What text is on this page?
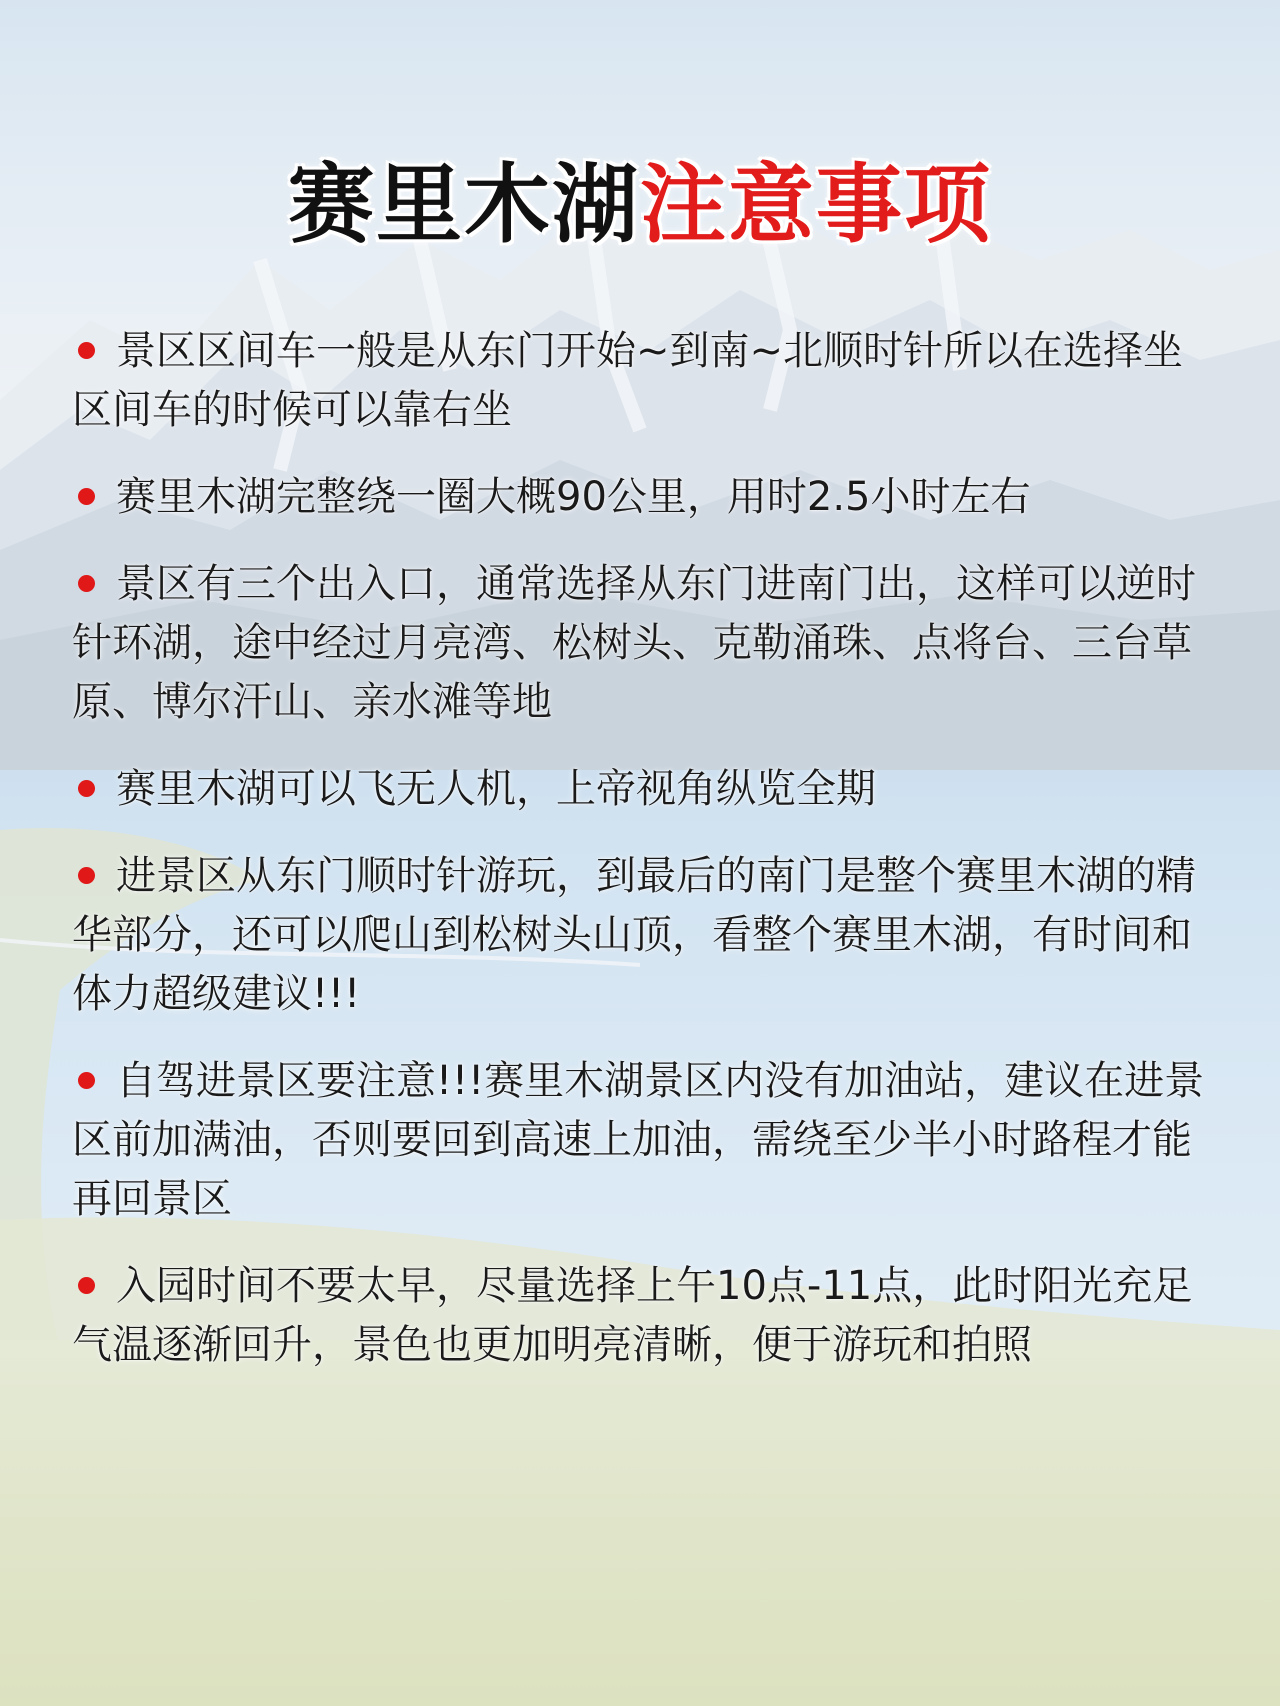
赛里木湖注意事项
景区区间车一般是从东门开始~到南~北顺时针所以在选择坐区间车的时候可以靠右坐
赛里木湖完整绕一圈大概90公里，用时2.5小时左右
景区有三个出入口，通常选择从东门进南门出，这样可以逆时针环湖，途中经过月亮湾、松树头、克勒涌珠、点将台、三台草原、博尔汗山、亲水滩等地
赛里木湖可以飞无人机，上帝视角纵览全期
进景区从东门顺时针游玩，到最后的南门是整个赛里木湖的精华部分，还可以爬山到松树头山顶，看整个赛里木湖，有时间和体力超级建议!!!
自驾进景区要注意!!!赛里木湖景区内没有加油站，建议在进景区前加满油，否则要回到高速上加油，需绕至少半小时路程才能再回景区
入园时间不要太早，尽量选择上午10点-11点，此时阳光充足气温逐渐回升，景色也更加明亮清晰，便于游玩和拍照
